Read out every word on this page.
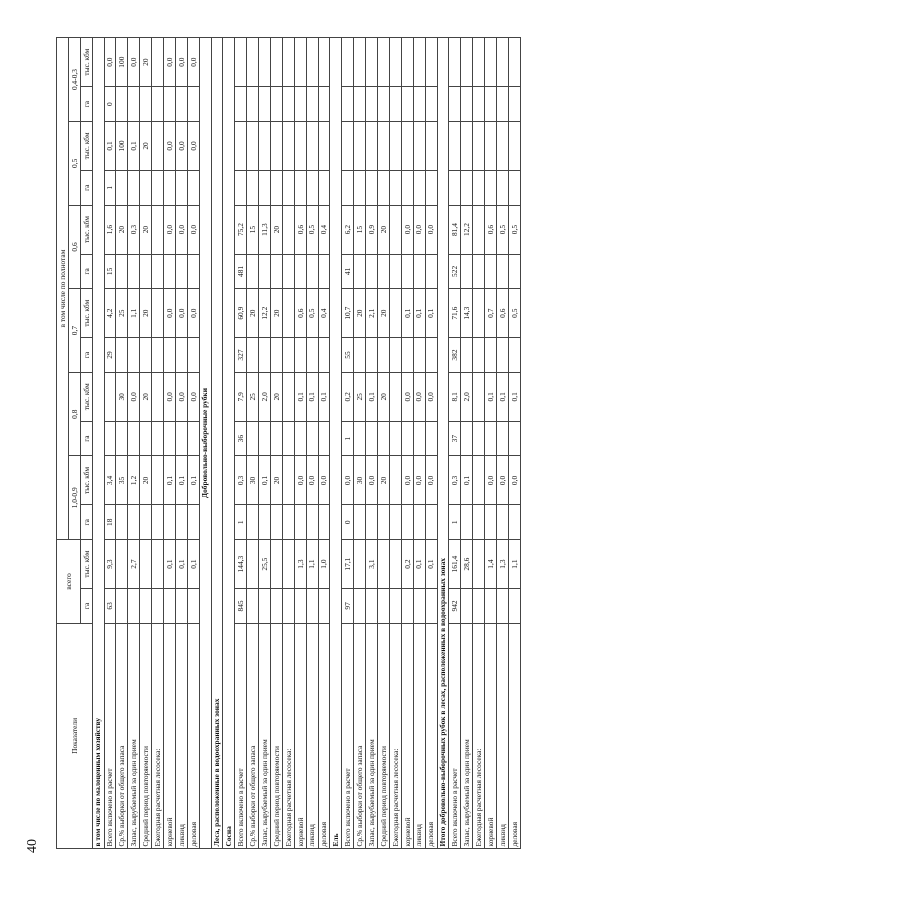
40
Показатели	всего		в том числе по полнотам											
			1,0-0,9		0,8		0,7		0,6		0,5		0,4-0,3	
	га	тыс. кбм	га	тыс. кбм	га	тыс. кбм	га	тыс. кбм	га	тыс. кбм	га	тыс. кбм	га	тыс. кбм
в том числе по малоценным хозяйству														
Всего включено в расчет	63	9,3	18	3,4			29	4,2	15	1,6	1	0,1	0	0,0
Ср.% выборки от общего запаса				35		30		25		20		100		100
Запас, вырубаемый за один прием		2,7		1,2		0,0		1,1		0,3		0,1		0,0
Средний период повторяемости				20		20		20		20		20		20
Ежегодная расчетная лесосека:														
корневой		0,1		0,1		0,0		0,0		0,0		0,0		0,0
ликвид		0,1		0,1		0,0		0,0		0,0		0,0		0,0
деловая		0,1		0,1		0,0		0,0		0,0		0,0		0,0
Добровольно-выборочные рубки														
Леса, расположенные в водоохранных зонах														
Сосна														
Всего включено в расчет	845	144,3	1	0,3	36	7,9	327	60,9	481	75,2				
Ср.% выборки от общего запаса				30		25		20		15				
Запас, вырубаемый за один прием		25,5		0,1		2,0		12,2		11,3				
Средний период повторяемости				20		20		20		20				
Ежегодная расчетная лесосека:														
корневой		1,3		0,0		0,1		0,6		0,6				
ликвид		1,1		0,0		0,1		0,5		0,5				
деловая		1,0		0,0		0,1		0,4		0,4				
Ель														
Всего включено в расчет	97	17,1	0	0,0	1	0,2	55	10,7	41	6,2				
Ср.% выборки от общего запаса				30		25		20		15				
Запас, вырубаемый за один прием		3,1		0,0		0,1		2,1		0,9				
Средний период повторяемости				20		20		20		20				
Ежегодная расчетная лесосека:														
корневой		0,2		0,0		0,0		0,1		0,0				
ликвид		0,1		0,0		0,0		0,1		0,0				
деловая		0,1		0,0		0,0		0,1		0,0				
Итого добровольно-выборочных рубок в лесах, расположенных в водоохранных зонах														
Всего включено в расчет	942	161,4	1	0,3	37	8,1	382	71,6	522	81,4				
Запас, вырубаемый за один прием		28,6		0,1		2,0		14,3		12,2				
Ежегодная расчетная лесосека:														
корневой		1,4		0,0		0,1		0,7		0,6				
ликвид		1,3		0,0		0,1		0,6		0,5				
деловая		1,1		0,0		0,1		0,5		0,5				
